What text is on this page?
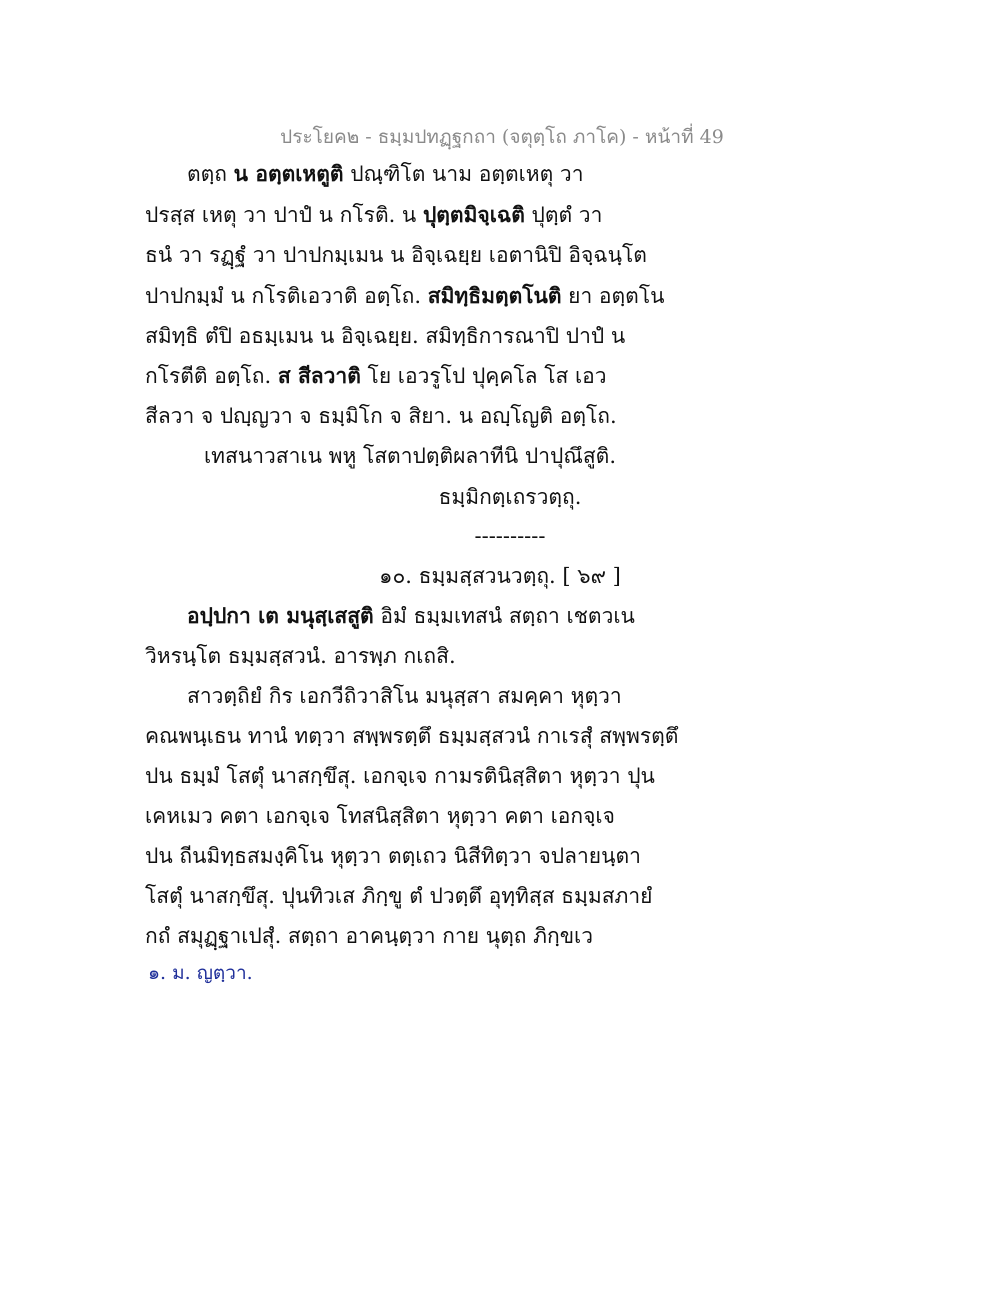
ประโยค๒ - ธมฺมปทฏฺฐกถา (จตุตฺโถ ภาโค) - หน้าที่ 49
ตตฺถ น อตฺตเหตูติ ปณฺฑิโต นาม อตฺตเหตุ วา
ปรสฺส เหตุ วา ปาปํ น กโรติ. น ปุตฺตมิจฺเฉติ ปุตฺตํ วา
ธนํ วา รฏฺฐํ วา ปาปกมฺเมน น อิจฺเฉยฺย เอตานิปิ อิจฺฉนฺโต
ปาปกมฺมํ น กโรติเอวาติ อตฺโถ. สมิทฺธิมตฺตโนติ ยา อตฺตโน
สมิทฺธิ ตํปิ อธมฺเมน น อิจฺเฉยฺย. สมิทฺธิการณาปิ ปาปํ น
กโรตีติ อตฺโถ. ส สีลวาติ โย เอวรูโป ปุคฺคโล โส เอว
สีลวา จ ปญฺญวา จ ธมฺมิโก จ สิยา. น อญฺโญติ อตฺโถ.
เทสนาวสาเน พหู โสตาปตฺติผลาทีนิ ปาปุณึสูติ.
ธมฺมิกตฺเถรวตฺถุ.
----------
๑๐. ธมฺมสฺสวนวตฺถุ. [ ๖๙ ]
อปฺปกา เต มนุสฺเสสูติ อิมํ ธมฺมเทสนํ สตฺถา เชตวเน
วิหรนฺโต ธมฺมสฺสวนํ. อารพฺภ กเถสิ.
สาวตฺถิยํ กิร เอกวีถิวาสิโน มนุสฺสา สมคฺคา หุตฺวา
คณพนฺเธน ทานํ ทตฺวา สพฺพรตฺตึ ธมฺมสฺสวนํ กาเรสุํ สพฺพรตฺตึ
ปน ธมฺมํ โสตุํ นาสกฺขึสุ. เอกจฺเจ กามรตินิสฺสิตา หุตฺวา ปุน
เคหเมว คตา เอกจฺเจ โทสนิสฺสิตา หุตฺวา คตา เอกจฺเจ
ปน ถีนมิทฺธสมงฺคิโน หุตฺวา ตตฺเถว นิสีทิตฺวา จปลายนฺตา
โสตุํ นาสกฺขึสุ. ปุนทิวเส ภิกฺขู ตํ ปวตฺตึ อุทฺทิสฺส ธมฺมสภายํ
กถํ สมุฏฺฐาเปสุํ. สตฺถา อาคนฺตฺวา กาย นุตฺถ ภิกฺขเว
๑. ม. ญตฺวา.
